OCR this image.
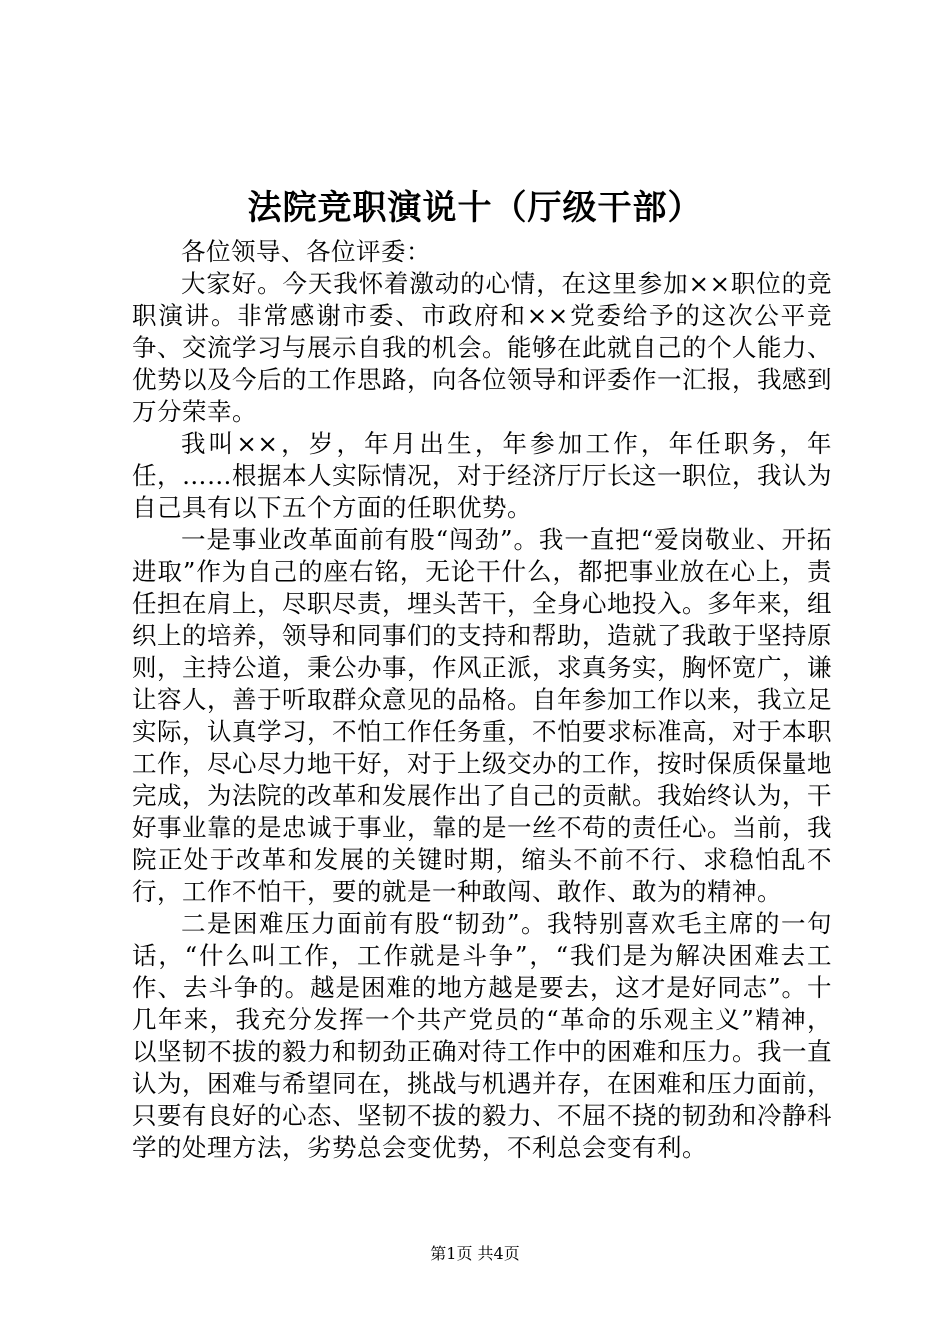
法院竞职演说十（厅级干部）

各位领导、各位评委：

大家好。今天我怀着激动的心情，在这里参加××职位的竞职演讲。非常感谢市委、市政府和××党委给予的这次公平竞争、交流学习与展示自我的机会。能够在此就自己的个人能力、优势以及今后的工作思路，向各位领导和评委作一汇报，我感到万分荣幸。

我叫××，岁，年月出生，年参加工作，年任职务，年任，……根据本人实际情况，对于经济厅厅长这一职位，我认为自己具有以下五个方面的任职优势。

一是事业改革面前有股“闯劲”。我一直把“爱岗敬业、开拓进取”作为自己的座右铭，无论干什么，都把事业放在心上，责任担在肩上，尽职尽责，埋头苦干，全身心地投入。多年来，组织上的培养，领导和同事们的支持和帮助，造就了我敢于坚持原则，主持公道，秉公办事，作风正派，求真务实，胸怀宽广，谦让容人，善于听取群众意见的品格。自年参加工作以来，我立足实际，认真学习，不怕工作任务重，不怕要求标准高，对于本职工作，尽心尽力地干好，对于上级交办的工作，按时保质保量地完成，为法院的改革和发展作出了自己的贡献。我始终认为，干好事业靠的是忠诚于事业，靠的是一丝不苟的责任心。当前，我院正处于改革和发展的关键时期，缩头不前不行、求稳怕乱不行，工作不怕干，要的就是一种敢闯、敢作、敢为的精神。

二是困难压力面前有股“韧劲”。我特别喜欢毛主席的一句话，“什么叫工作，工作就是斗争”，“我们是为解决困难去工作、去斗争的。越是困难的地方越是要去，这才是好同志”。十几年来，我充分发挥一个共产党员的“革命的乐观主义”精神，以坚韧不拔的毅力和韧劲正确对待工作中的困难和压力。我一直认为，困难与希望同在，挑战与机遇并存，在困难和压力面前，只要有良好的心态、坚韧不拔的毅力、不屈不挠的韧劲和冷静科学的处理方法，劣势总会变优势，不利总会变有利。

第1页 共4页
